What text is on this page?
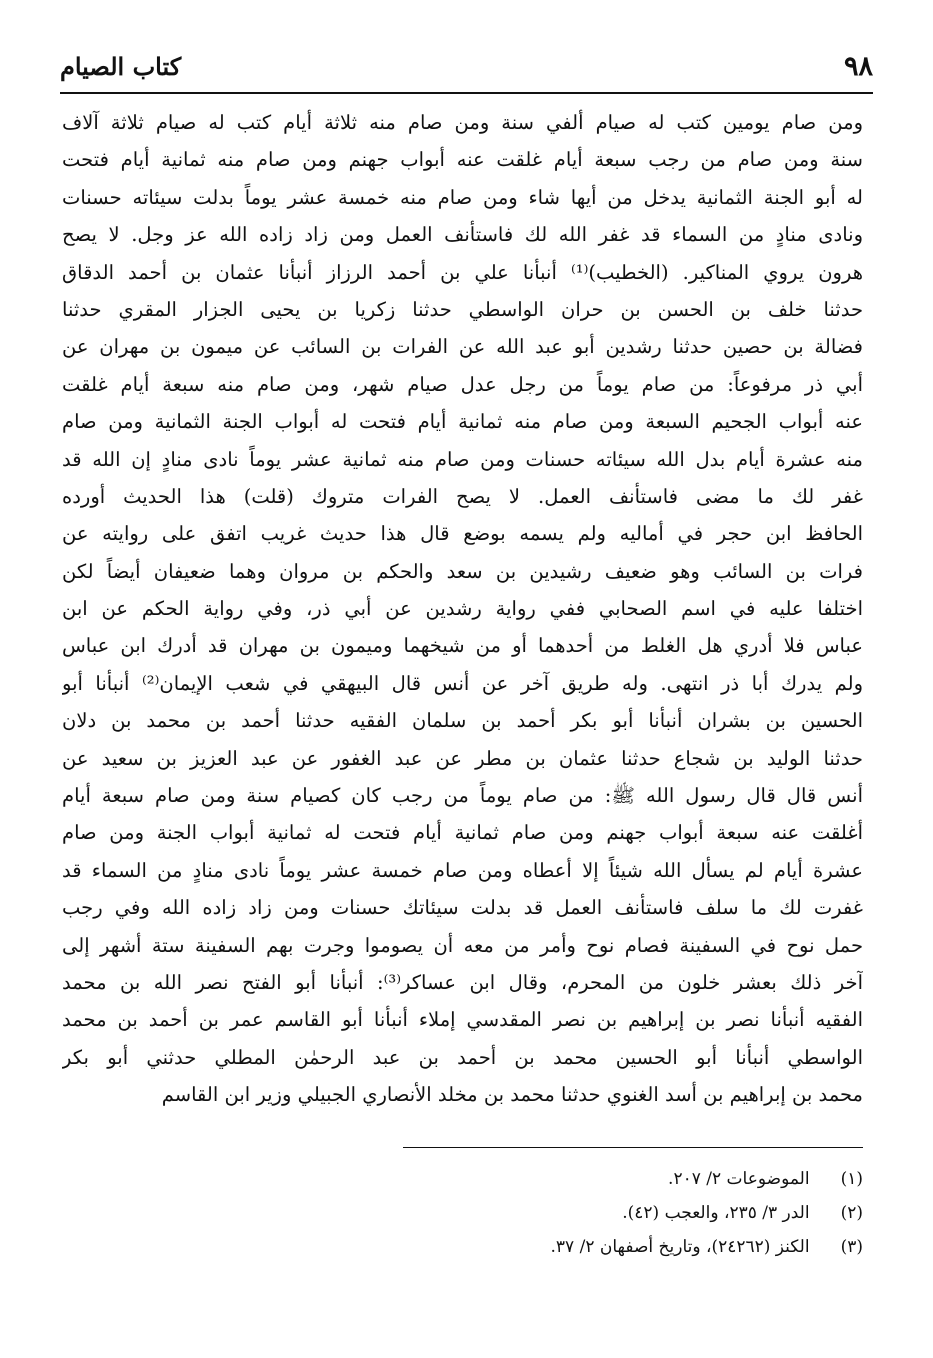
٩٨
كتاب الصيام
ومن صام يومين كتب له صيام ألفي سنة ومن صام منه ثلاثة أيام كتب له صيام ثلاثة آلاف
سنة ومن صام من رجب سبعة أيام غلقت عنه أبواب جهنم ومن صام منه ثمانية أيام فتحت
له أبو الجنة الثمانية يدخل من أيها شاء ومن صام منه خمسة عشر يوماً بدلت سيئاته حسنات
ونادى منادٍ من السماء قد غفر الله لك فاستأنف العمل ومن زاد زاده الله عز وجل. لا يصح
هرون يروي المناكير. (الخطيب)⁽¹⁾ أنبأنا علي بن أحمد الرزاز أنبأنا عثمان بن أحمد الدقاق
حدثنا خلف بن الحسن بن حران الواسطي حدثنا زكريا بن يحيى الجزار المقري حدثنا
فضالة بن حصين حدثنا رشدين أبو عبد الله عن الفرات بن السائب عن ميمون بن مهران عن
أبي ذر مرفوعاً: من صام يوماً من رجل عدل صيام شهر، ومن صام منه سبعة أيام غلقت
عنه أبواب الجحيم السبعة ومن صام منه ثمانية أيام فتحت له أبواب الجنة الثمانية ومن صام
منه عشرة أيام بدل الله سيئاته حسنات ومن صام منه ثمانية عشر يوماً نادى منادٍ إن الله قد
غفر لك ما مضى فاستأنف العمل. لا يصح الفرات متروك (قلت) هذا الحديث أورده
الحافظ ابن حجر في أماليه ولم يسمه بوضع قال هذا حديث غريب اتفق على روايته عن
فرات بن السائب وهو ضعيف رشيدين بن سعد والحكم بن مروان وهما ضعيفان أيضاً لكن
اختلفا عليه في اسم الصحابي ففي رواية رشدين عن أبي ذر، وفي رواية الحكم عن ابن
عباس فلا أدري هل الغلط من أحدهما أو من شيخهما وميمون بن مهران قد أدرك ابن عباس
ولم يدرك أبا ذر انتهى. وله طريق آخر عن أنس قال البيهقي في شعب الإيمان⁽²⁾ أنبأنا أبو
الحسين بن بشران أنبأنا أبو بكر أحمد بن سلمان الفقيه حدثنا أحمد بن محمد بن دلان
حدثنا الوليد بن شجاع حدثنا عثمان بن مطر عن عبد الغفور عن عبد العزيز بن سعيد عن
أنس قال قال رسول الله ﷺ: من صام يوماً من رجب كان كصيام سنة ومن صام سبعة أيام
أغلقت عنه سبعة أبواب جهنم ومن صام ثمانية أيام فتحت له ثمانية أبواب الجنة ومن صام
عشرة أيام لم يسأل الله شيئاً إلا أعطاه ومن صام خمسة عشر يوماً نادى منادٍ من السماء قد
غفرت لك ما سلف فاستأنف العمل قد بدلت سيئاتك حسنات ومن زاد زاده الله وفي رجب
حمل نوح في السفينة فصام نوح وأمر من معه أن يصوموا وجرت بهم السفينة ستة أشهر إلى
آخر ذلك بعشر خلون من المحرم، وقال ابن عساكر⁽³⁾: أنبأنا أبو الفتح نصر الله بن محمد
الفقيه أنبأنا نصر بن إبراهيم بن نصر المقدسي إملاء أنبأنا أبو القاسم عمر بن أحمد بن محمد
الواسطي أنبأنا أبو الحسين محمد بن أحمد بن عبد الرحمٰن المطلي حدثني أبو بكر
محمد بن إبراهيم بن أسد الغنوي حدثنا محمد بن مخلد الأنصاري الجبيلي وزير ابن القاسم
(١) الموضوعات ٢/ ٢٠٧.
(٢) الدر ٣/ ٢٣٥، والعجب (٤٢).
(٣) الكنز (٢٤٢٦٢)، وتاريخ أصفهان ٢/ ٣٧.
